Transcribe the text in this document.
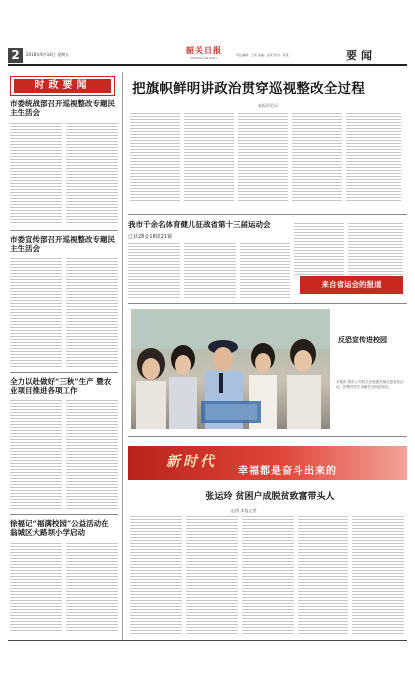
2	2018年9月14日 星期五	韶关日报
SHAOGUAN DAILY
责任编辑：王某 美编：某某 校对：某某	要闻
时政要闻
市委统战部召开巡视整改专题民主生活会
市委宣传部召开巡视整改专题民主生活会
全力以赴做好“三秋”生产 暨农业项目推进各项工作
徐福记“福满校园”公益活动在翁城区大路坝小学启动
把旗帜鲜明讲政治贯穿巡视整改全过程
本报评论员
我市千余名体育健儿征战省第十三届运动会
已获28金18银21铜
来自省运会的报道
反恐宣传进校园
本报讯 我市公安机关在校园开展反恐宣传活动，民警向学生讲解安全防范知识。
新时代
幸福都是奋斗出来的
张运玲 贫困户成脱贫致富带头人
文/图 本报记者
